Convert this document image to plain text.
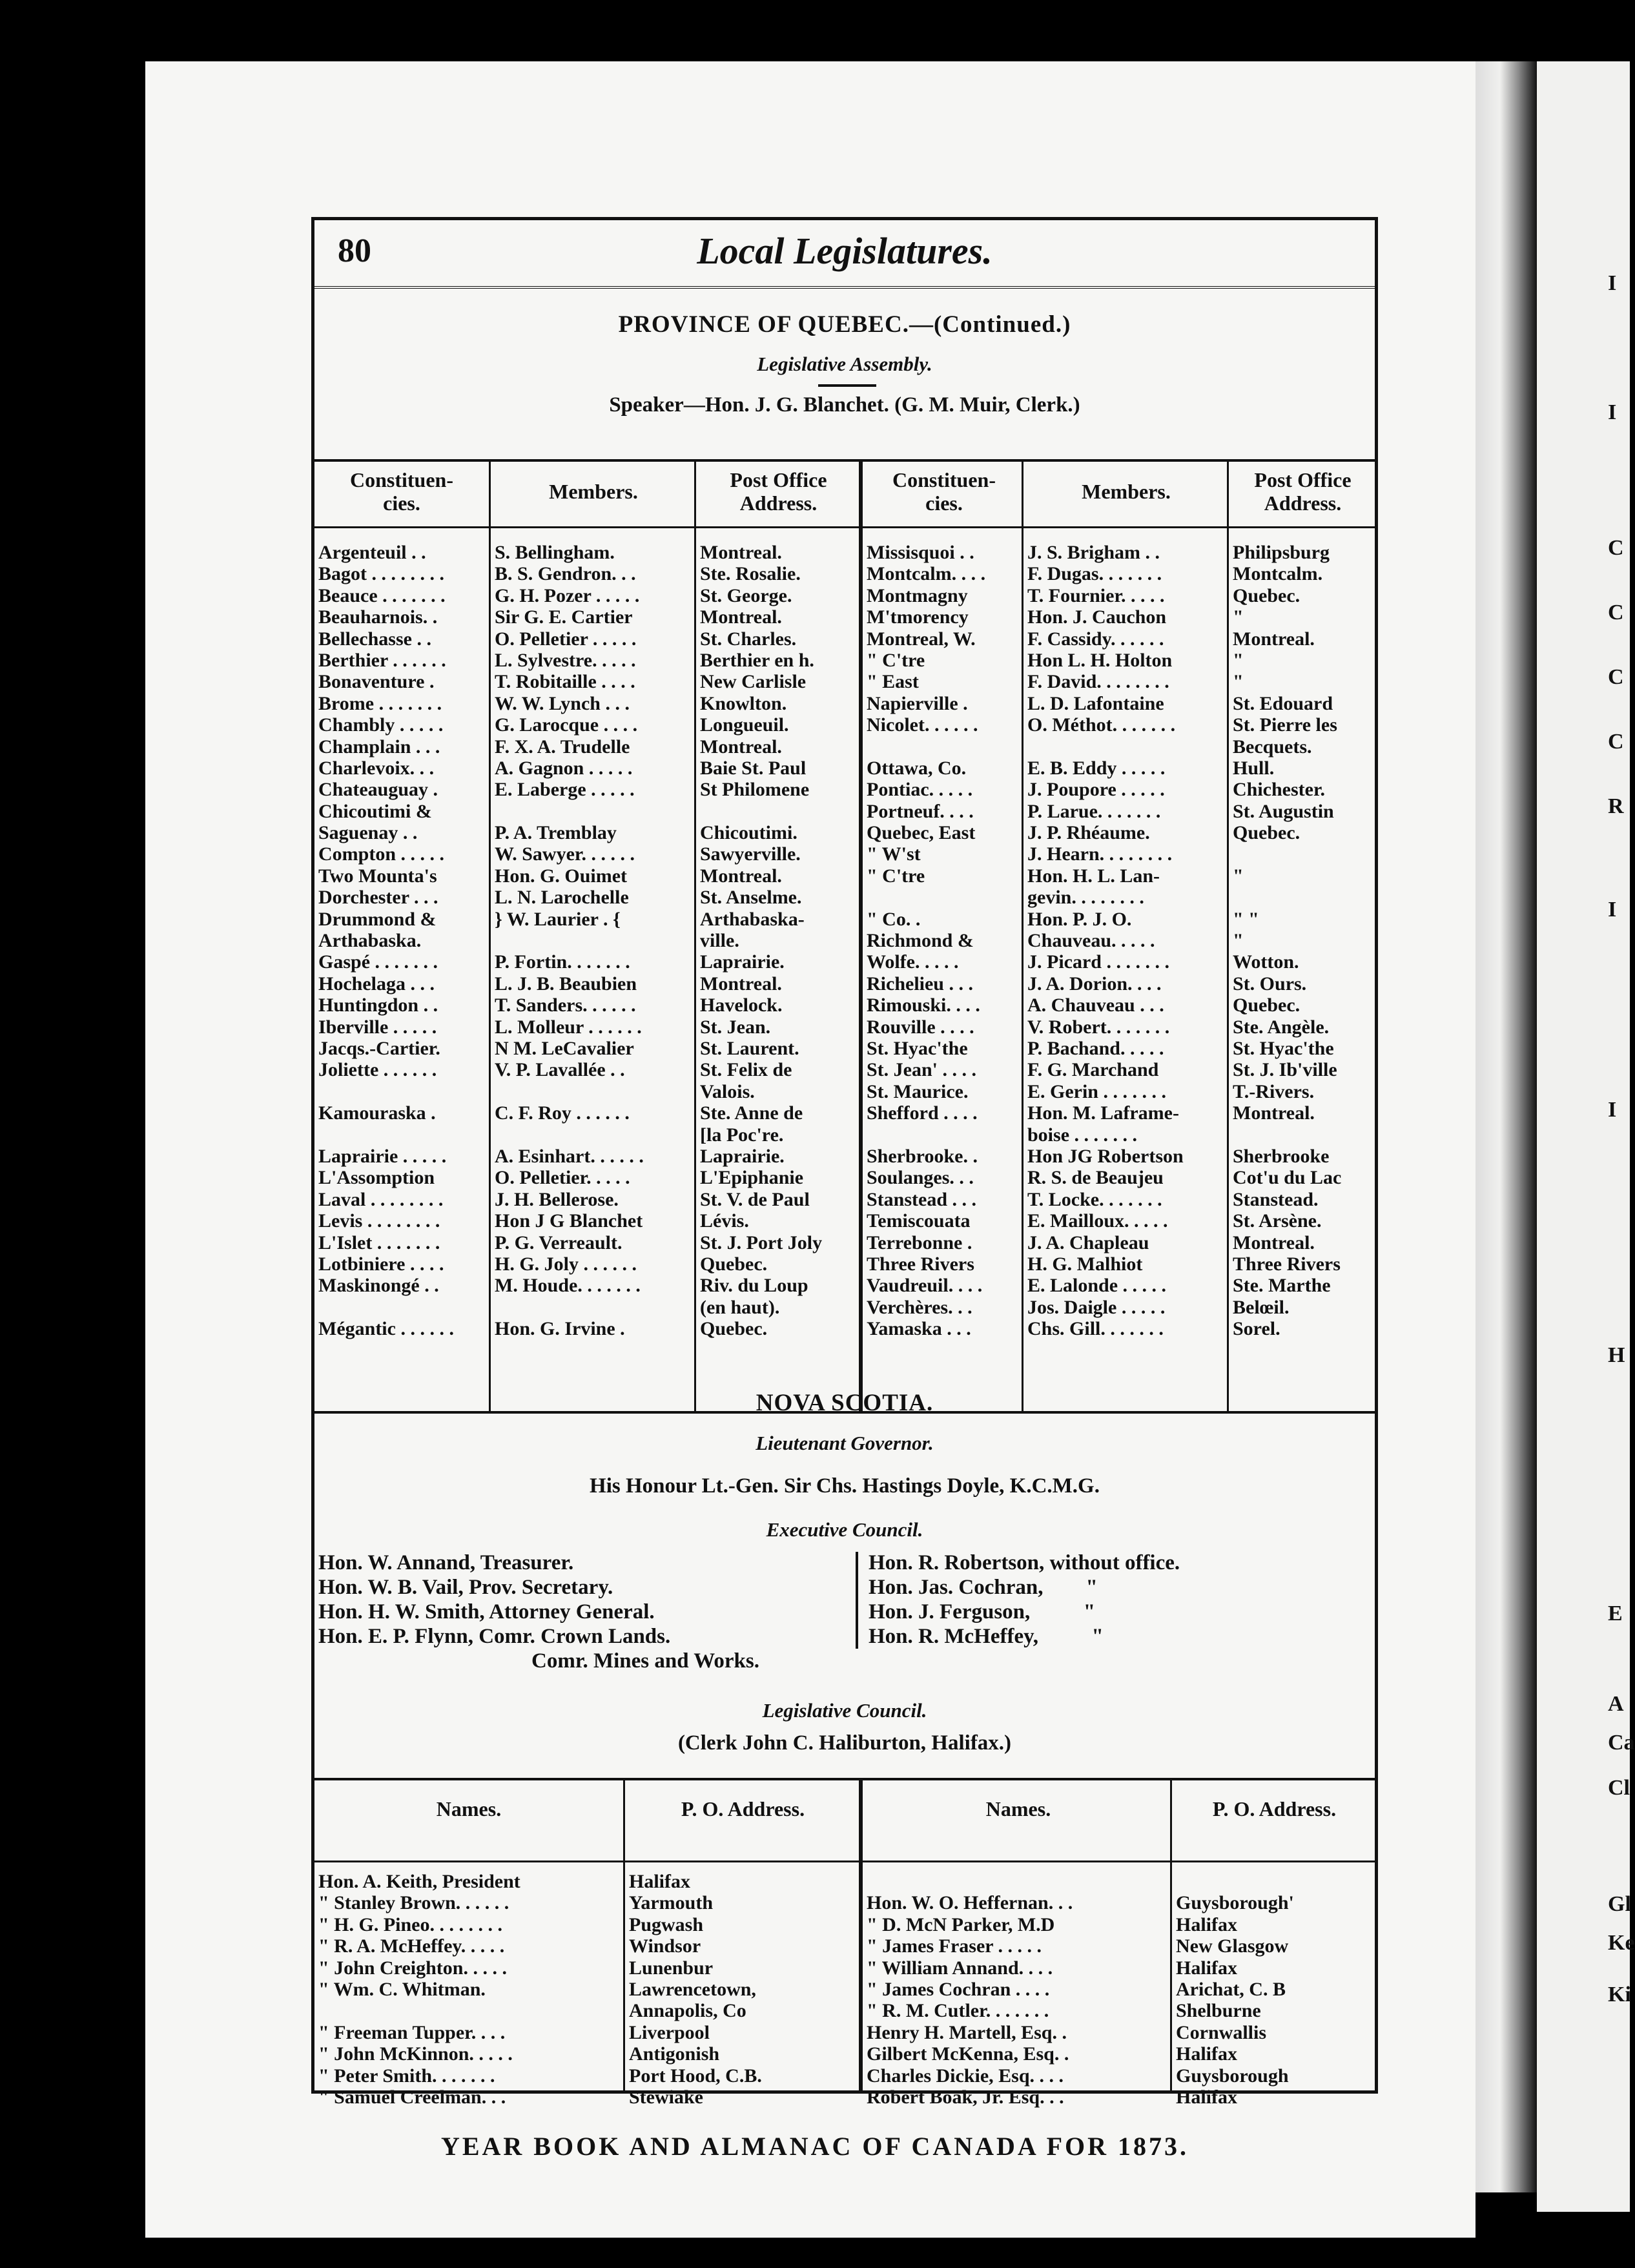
80	Local Legislatures.
PROVINCE OF QUEBEC.—(Continued.)
Legislative Assembly.
Speaker—Hon. J. G. Blanchet. (G. M. Muir, Clerk.)
Constituen-
cies.
Argenteuil . .
Bagot . . . . . . . .
Beauce . . . . . . .
Beauharnois. .
Bellechasse . .
Berthier . . . . . .
Bonaventure .
Brome . . . . . . .
Chambly . . . . .
Champlain . . .
Charlevoix. . .
Chateauguay .
Chicoutimi &
Saguenay . .
Compton . . . . .
Two Mounta's
Dorchester . . .
Drummond &
Arthabaska.
Gaspé . . . . . . .
Hochelaga . . .
Huntingdon . .
Iberville . . . . .
Jacqs.-Cartier.
Joliette . . . . . .
Kamouraska .
Laprairie . . . . .
L'Assomption
Laval . . . . . . . .
Levis . . . . . . . .
L'Islet . . . . . . .
Lotbiniere . . . .
Maskinongé . .
Mégantic . . . . . .
Members.
S. Bellingham.
B. S. Gendron. . .
G. H. Pozer . . . . .
Sir G. E. Cartier
O. Pelletier . . . . .
L. Sylvestre. . . . .
T. Robitaille . . . .
W. W. Lynch . . .
G. Larocque . . . .
F. X. A. Trudelle
A. Gagnon . . . . .
E. Laberge . . . . .
P. A. Tremblay
W. Sawyer. . . . . .
Hon. G. Ouimet
L. N. Larochelle
} W. Laurier . {
P. Fortin. . . . . . .
L. J. B. Beaubien
T. Sanders. . . . . .
L. Molleur . . . . . .
N M. LeCavalier
V. P. Lavallée . .
C. F. Roy . . . . . .
A. Esinhart. . . . . .
O. Pelletier. . . . .
J. H. Bellerose.
Hon J G Blanchet
P. G. Verreault.
H. G. Joly . . . . . .
M. Houde. . . . . . .
Hon. G. Irvine .
Post Office
Address.
Montreal.
Ste. Rosalie.
St. George.
Montreal.
St. Charles.
Berthier en h.
New Carlisle
Knowlton.
Longueuil.
Montreal.
Baie St. Paul
St Philomene
Chicoutimi.
Sawyerville.
Montreal.
St. Anselme.
Arthabaska-
ville.
Laprairie.
Montreal.
Havelock.
St. Jean.
St. Laurent.
St. Felix de
Valois.
Ste. Anne de
[la Poc're.
Laprairie.
L'Epiphanie
St. V. de Paul
Lévis.
St. J. Port Joly
Quebec.
Riv. du Loup
(en haut).
Quebec.
Constituen-
cies.
Missisquoi . .
Montcalm. . . .
Montmagny
M'tmorency
Montreal, W.
" C'tre
" East
Napierville .
Nicolet. . . . . .
Ottawa, Co.
Pontiac. . . . .
Portneuf. . . .
Quebec, East
" W'st
" C'tre
" Co. .
Richmond &
Wolfe. . . . .
Richelieu . . .
Rimouski. . . .
Rouville . . . .
St. Hyac'the
St. Jean' . . . .
St. Maurice.
Shefford . . . .
Sherbrooke. .
Soulanges. . .
Stanstead . . .
Temiscouata
Terrebonne .
Three Rivers
Vaudreuil. . . .
Verchères. . .
Yamaska . . .
Members.
J. S. Brigham . .
F. Dugas. . . . . . .
T. Fournier. . . . .
Hon. J. Cauchon
F. Cassidy. . . . . .
Hon L. H. Holton
F. David. . . . . . . .
L. D. Lafontaine
O. Méthot. . . . . . .
E. B. Eddy . . . . .
J. Poupore . . . . .
P. Larue. . . . . . .
J. P. Rhéaume.
J. Hearn. . . . . . . .
Hon. H. L. Lan-
gevin. . . . . . . .
Hon. P. J. O.
Chauveau. . . . .
J. Picard . . . . . . .
J. A. Dorion. . . .
A. Chauveau . . .
V. Robert. . . . . . .
P. Bachand. . . . .
F. G. Marchand
E. Gerin . . . . . . .
Hon. M. Laframe-
boise . . . . . . .
Hon JG Robertson
R. S. de Beaujeu
T. Locke. . . . . . .
E. Mailloux. . . . .
J. A. Chapleau
H. G. Malhiot
E. Lalonde . . . . .
Jos. Daigle . . . . .
Chs. Gill. . . . . . .
Post Office
Address.
Philipsburg
Montcalm.
Quebec.
"
Montreal.
"
"
St. Edouard
St. Pierre les
Becquets.
Hull.
Chichester.
St. Augustin
Quebec.
"
" "
"
Wotton.
St. Ours.
Quebec.
Ste. Angèle.
St. Hyac'the
St. J. Ib'ville
T.-Rivers.
Montreal.
Sherbrooke
Cot'u du Lac
Stanstead.
St. Arsène.
Montreal.
Three Rivers
Ste. Marthe
Belœil.
Sorel.
NOVA SCOTIA.
Lieutenant Governor.
His Honour Lt.-Gen. Sir Chs. Hastings Doyle, K.C.M.G.
Executive Council.
Hon. W. Annand, Treasurer.
Hon. W. B. Vail, Prov. Secretary.
Hon. H. W. Smith, Attorney General.
Hon. E. P. Flynn, Comr. Crown Lands.
Comr. Mines and Works.
Hon. R. Robertson, without office.
Hon. Jas. Cochran,        "
Hon. J. Ferguson,          "
Hon. R. McHeffey,          "
Legislative Council.
(Clerk John C. Haliburton, Halifax.)
Names.
Hon. A. Keith, President
" Stanley Brown. . . . . .
" H. G. Pineo. . . . . . . .
" R. A. McHeffey. . . . .
" John Creighton. . . . .
" Wm. C. Whitman.
" Freeman Tupper. . . .
" John McKinnon. . . . .
" Peter Smith. . . . . . .
" Samuel Creelman. . .
P. O. Address.
Halifax
Yarmouth
Pugwash
Windsor
Lunenbur
Lawrencetown,
Annapolis, Co
Liverpool
Antigonish
Port Hood, C.B.
Stewiake
Names.
Hon. W. O. Heffernan. . .
" D. McN Parker, M.D
" James Fraser . . . . .
" William Annand. . . .
" James Cochran . . . .
" R. M. Cutler. . . . . . .
Henry H. Martell, Esq. .
Gilbert McKenna, Esq. .
Charles Dickie, Esq. . . .
Robert Boak, Jr. Esq. . .
P. O. Address.
Guysborough'
Halifax
New Glasgow
Halifax
Arichat, C. B
Shelburne
Cornwallis
Halifax
Guysborough
Halifax
YEAR BOOK AND ALMANAC OF CANADA FOR 1873.
I
I
C
C
C
C
R
I
I
E
H
A
Ca
Cl
Gl
Ke
Ki
